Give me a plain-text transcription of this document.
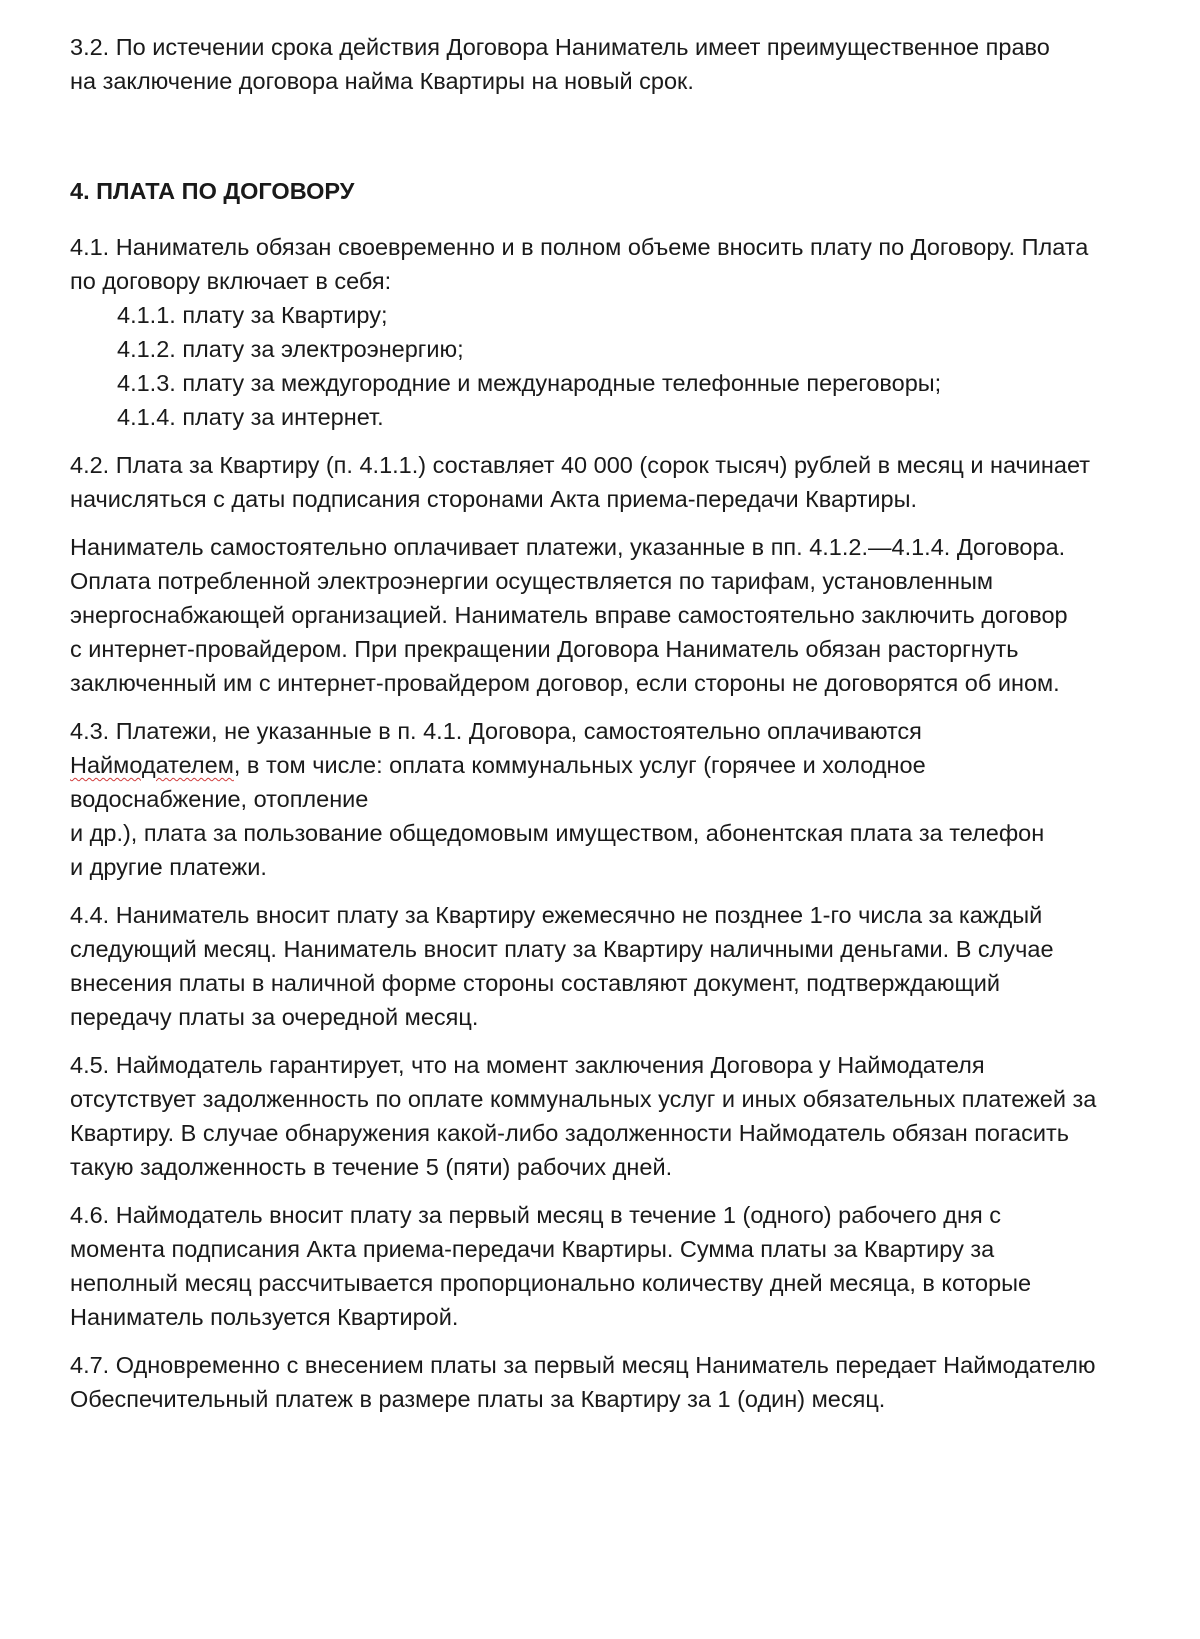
3.2. По истечении срока действия Договора Наниматель имеет преимущественное право
на заключение договора найма Квартиры на новый срок.

4. ПЛАТА ПО ДОГОВОРУ

4.1. Наниматель обязан своевременно и в полном объеме вносить плату по Договору. Плата
по договору включает в себя:

4.1.1. плату за Квартиру;
4.1.2. плату за электроэнергию;
4.1.3. плату за междугородние и международные телефонные переговоры;
4.1.4. плату за интернет.

4.2. Плата за Квартиру (п. 4.1.1.) составляет 40 000 (сорок тысяч) рублей в месяц и начинает
начисляться с даты подписания сторонами Акта приема-передачи Квартиры.

Наниматель самостоятельно оплачивает платежи, указанные в пп. 4.1.2.—4.1.4. Договора.
Оплата потребленной электроэнергии осуществляется по тарифам, установленным
энергоснабжающей организацией. Наниматель вправе самостоятельно заключить договор
с интернет-провайдером. При прекращении Договора Наниматель обязан расторгнуть
заключенный им с интернет-провайдером договор, если стороны не договорятся об ином.

4.3. Платежи, не указанные в п. 4.1. Договора, самостоятельно оплачиваются
Наймодателем, в том числе: оплата коммунальных услуг (горячее и холодное
водоснабжение, отопление
и др.), плата за пользование общедомовым имуществом, абонентская плата за телефон
и другие платежи.

4.4. Наниматель вносит плату за Квартиру ежемесячно не позднее 1-го числа за каждый
следующий месяц. Наниматель вносит плату за Квартиру наличными деньгами. В случае
внесения платы в наличной форме стороны составляют документ, подтверждающий
передачу платы за очередной месяц.

4.5. Наймодатель гарантирует, что на момент заключения Договора у Наймодателя
отсутствует задолженность по оплате коммунальных услуг и иных обязательных платежей за
Квартиру. В случае обнаружения какой-либо задолженности Наймодатель обязан погасить
такую задолженность в течение 5 (пяти) рабочих дней.

4.6. Наймодатель вносит плату за первый месяц в течение 1 (одного) рабочего дня с
момента подписания Акта приема-передачи Квартиры. Сумма платы за Квартиру за
неполный месяц рассчитывается пропорционально количеству дней месяца, в которые
Наниматель пользуется Квартирой.

4.7. Одновременно с внесением платы за первый месяц Наниматель передает Наймодателю
Обеспечительный платеж в размере платы за Квартиру за 1 (один) месяц.
